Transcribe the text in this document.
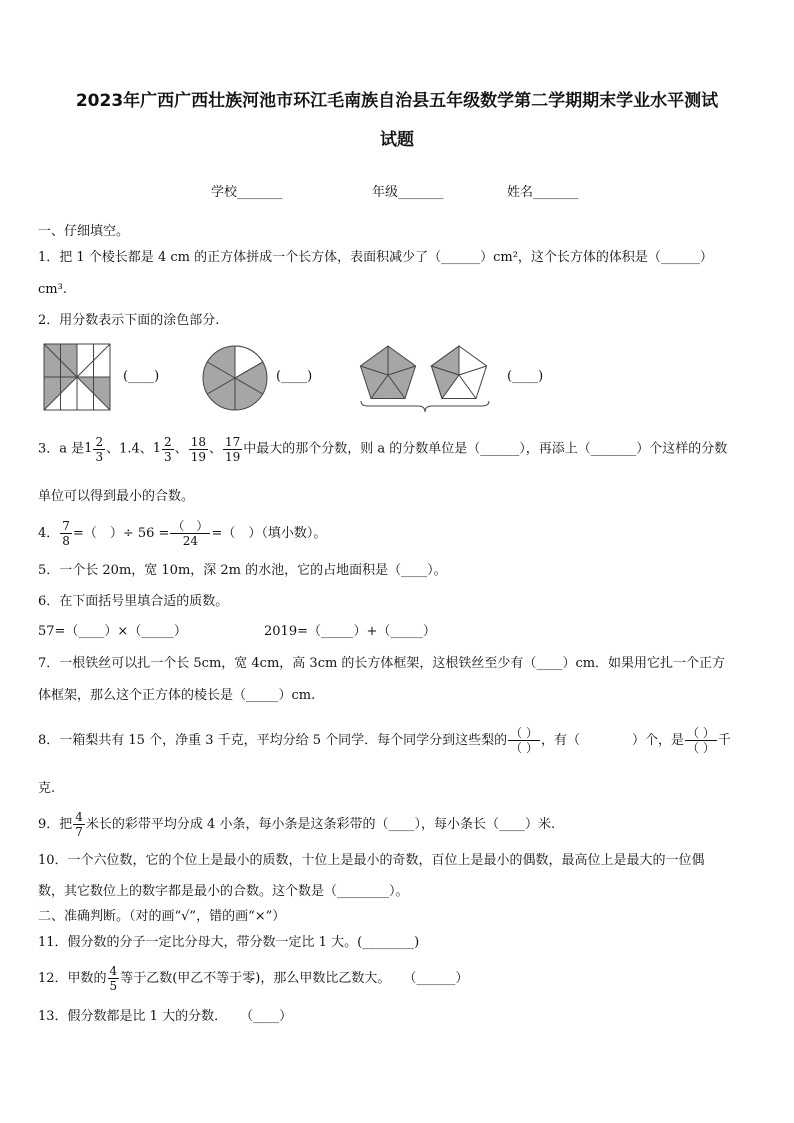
2023年广西广西壮族河池市环江毛南族自治县五年级数学第二学期期末学业水平测试
试题
学校_______	年级_______	姓名_______
一、仔细填空。
1．把 1 个棱长都是 4 cm 的正方体拼成一个长方体，表面积减少了（______）cm²，这个长方体的体积是（______）
cm³.
2．用分数表示下面的涂色部分.
(____)	(____)	(____)
3．a 是$1 \frac{2}{3}$ 、1.4、$1 \frac{2}{3}$ 、 $\frac{18}{19}$ 、 $\frac{17}{19}$ 中最大的那个分数，则 a 的分数单位是（______），再添上（_______）个这样的分数
单位可以得到最小的合数。
4． $\frac{7}{8}$ =（　）÷ $56 = \frac{( )}{24}$ =（　）（填小数）。
5．一个长 20m，宽 10m，深 2m 的水池，它的占地面积是（____）。
6．在下面括号里填合适的质数。
57=（____）×（_____）	2019=（_____）+（_____）
7．一根铁丝可以扎一个长 5cm，宽 4cm，高 3cm 的长方体框架，这根铁丝至少有（____）cm．如果用它扎一个正方
体框架，那么这个正方体的棱长是（_____）cm.
8．一箱梨共有 15 个，净重 3 千克，平均分给 5 个同学．每个同学分到这些梨的 $\frac{( )}{( )}$ ，有（　　　　）个，是 $\frac{( )}{( )}$ 千
克.
9．把 $\frac{4}{7}$ 米长的彩带平均分成 4 小条，每小条是这条彩带的（____），每小条长（____）米.
10．一个六位数，它的个位上是最小的质数，十位上是最小的奇数，百位上是最小的偶数，最高位上是最大的一位偶
数，其它数位上的数字都是最小的合数。这个数是（________）。
二、准确判断。（对的画“√”，错的画“×”）
11．假分数的分子一定比分母大，带分数一定比 1 大。(________)
12．甲数的 $\frac{4}{5}$ 等于乙数(甲乙不等于零)，那么甲数比乙数大。　　（______）
13．假分数都是比 1 大的分数．　　（____）
